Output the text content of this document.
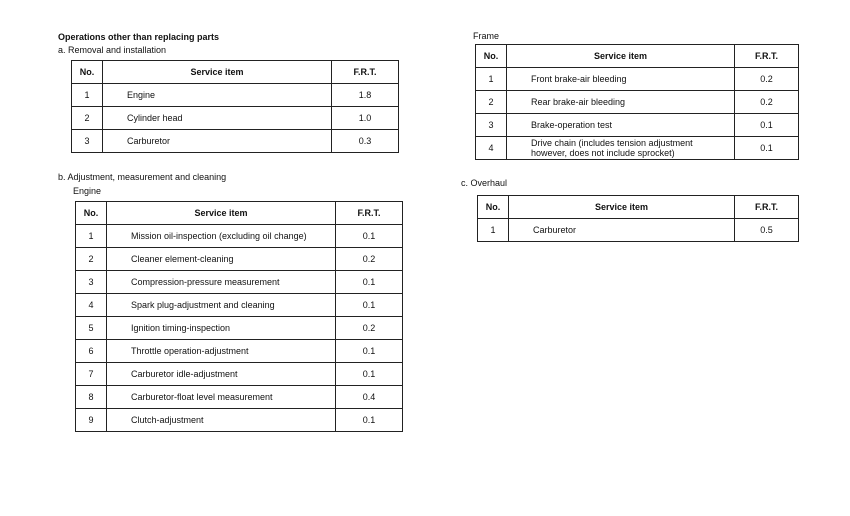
Operations other than replacing parts
a. Removal and installation
No.	Service item	F.R.T.
1	Engine	1.8
2	Cylinder head	1.0
3	Carburetor	0.3
b. Adjustment, measurement and cleaning
Engine
No.	Service item	F.R.T.
1	Mission oil-inspection (excluding oil change)	0.1
2	Cleaner element-cleaning	0.2
3	Compression-pressure measurement	0.1
4	Spark plug-adjustment and cleaning	0.1
5	Ignition timing-inspection	0.2
6	Throttle operation-adjustment	0.1
7	Carburetor idle-adjustment	0.1
8	Carburetor-float level measurement	0.4
9	Clutch-adjustment	0.1
Frame
No.	Service item	F.R.T.
1	Front brake-air bleeding	0.2
2	Rear brake-air bleeding	0.2
3	Brake-operation test	0.1
4	Drive chain (includes tension adjustment however, does not include sprocket)	0.1
c. Overhaul
No.	Service item	F.R.T.
1	Carburetor	0.5
